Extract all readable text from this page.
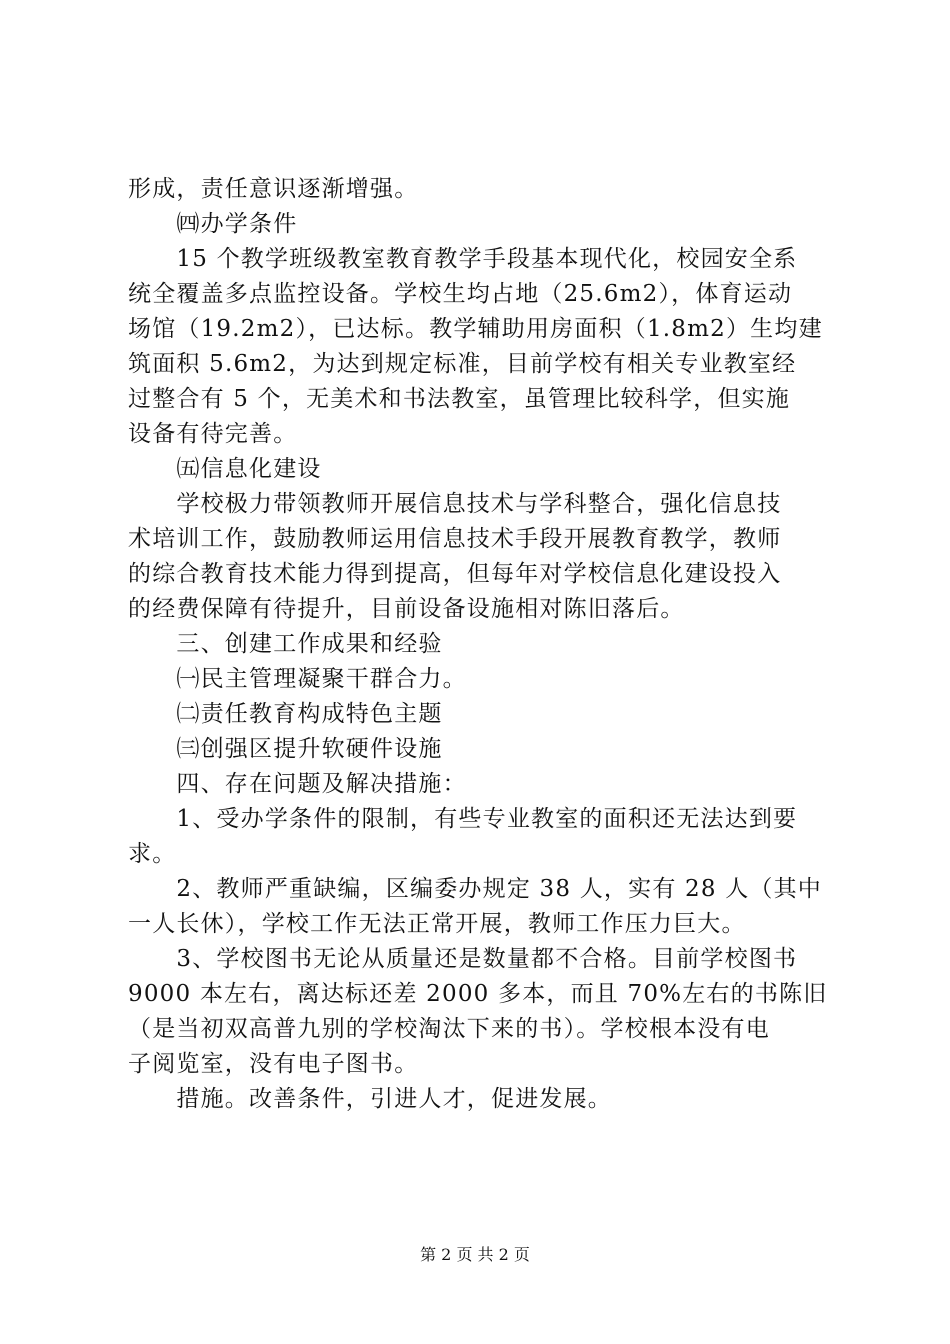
形成，责任意识逐渐增强。
　　㈣办学条件
　　15 个教学班级教室教育教学手段基本现代化，校园安全系
统全覆盖多点监控设备。学校生均占地（25.6m2），体育运动
场馆（19.2m2），已达标。教学辅助用房面积（1.8m2）生均建
筑面积 5.6m2，为达到规定标准，目前学校有相关专业教室经
过整合有 5 个，无美术和书法教室，虽管理比较科学，但实施
设备有待完善。
　　㈤信息化建设
　　学校极力带领教师开展信息技术与学科整合，强化信息技
术培训工作，鼓励教师运用信息技术手段开展教育教学，教师
的综合教育技术能力得到提高，但每年对学校信息化建设投入
的经费保障有待提升，目前设备设施相对陈旧落后。
　　三、创建工作成果和经验
　　㈠民主管理凝聚干群合力。
　　㈡责任教育构成特色主题
　　㈢创强区提升软硬件设施
　　四、存在问题及解决措施：
　　1、受办学条件的限制，有些专业教室的面积还无法达到要
求。
　　2、教师严重缺编，区编委办规定 38 人，实有 28 人（其中
一人长休），学校工作无法正常开展，教师工作压力巨大。
　　3、学校图书无论从质量还是数量都不合格。目前学校图书
9000 本左右，离达标还差 2000 多本，而且 70%左右的书陈旧
（是当初双高普九别的学校淘汰下来的书）。学校根本没有电
子阅览室，没有电子图书。
　　措施。改善条件，引进人才，促进发展。
第 2 页 共 2 页
